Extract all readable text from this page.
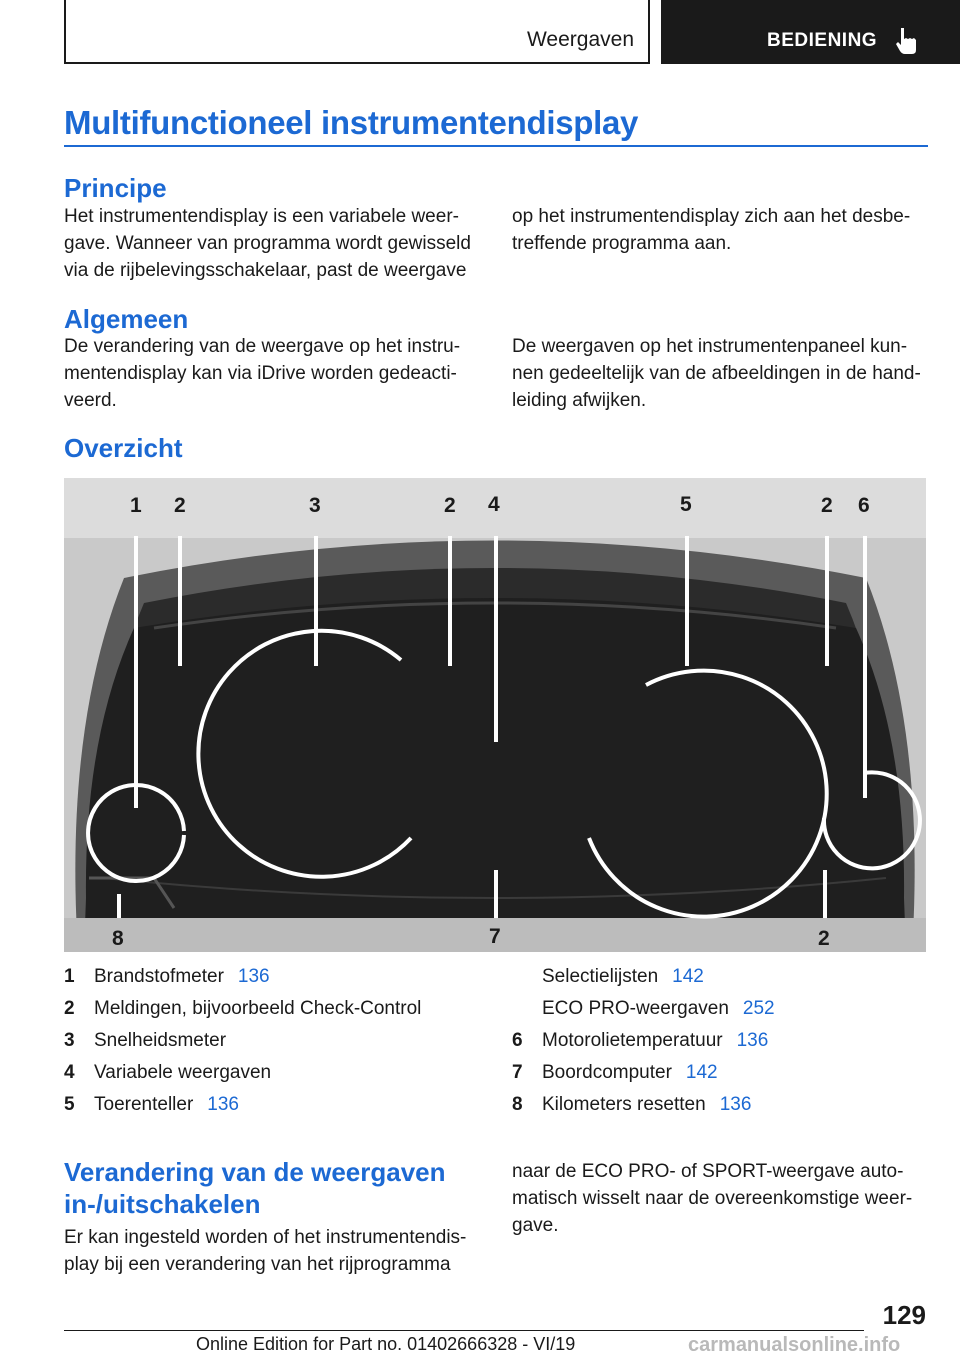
Weergaven	BEDIENING
Multifunctioneel instrumentendisplay
Principe

Het instrumentendisplay is een variabele weer-gave. Wanneer van programma wordt gewisseld via de rijbelevingsschakelaar, past de weergave

op het instrumentendisplay zich aan het desbe-treffende programma aan.

Algemeen

De verandering van de weergave op het instru-mentendisplay kan via iDrive worden gedeacti-veerd.

De weergaven op het instrumentenpaneel kun-nen gedeeltelijk van de afbeeldingen in de hand-leiding afwijken.

Overzicht
1 2	3	2 4	5	2 6
8	7	2
1	Brandstofmeter 136
2	Meldingen, bijvoorbeeld Check-Control
3	Snelheidsmeter
4	Variabele weergaven
5	Toerenteller 136
Selectielijsten 142
ECO PRO-weergaven 252
6	Motorolietemperatuur 136
7	Boordcomputer 142
8	Kilometers resetten 136
Verandering van de weergaven
in-/uitschakelen

Er kan ingesteld worden of het instrumentendis-play bij een verandering van het rijprogramma

naar de ECO PRO- of SPORT-weergave auto-matisch wisselt naar de overeenkomstige weer-gave.

129
Online Edition for Part no. 01402666328 - VI/19	carmanualsonline.info
